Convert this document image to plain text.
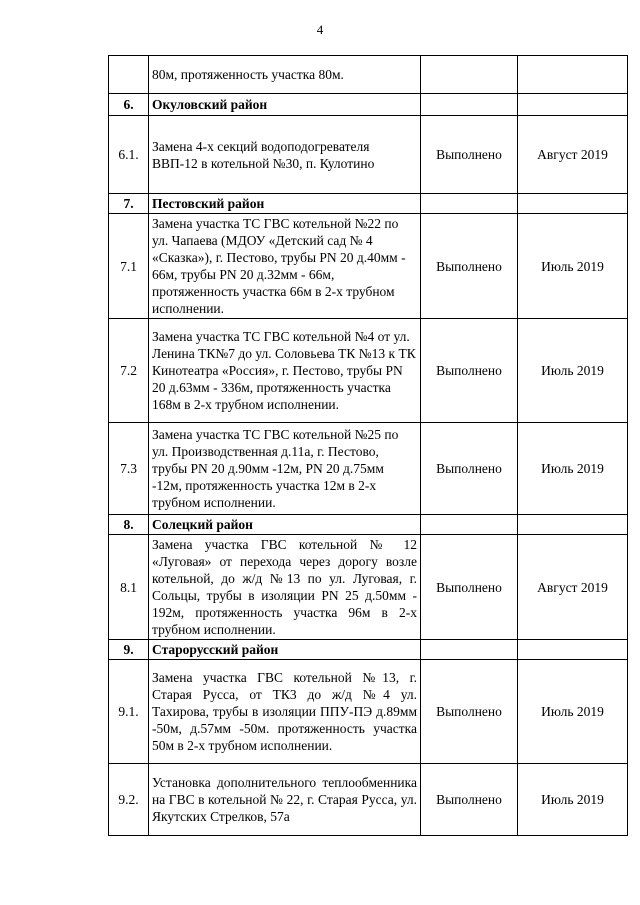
4
	80м, протяженность участка 80м.		
6.	Окуловский район		
6.1.	Замена 4-х секций водоподогревателя ВВП-12 в котельной №30, п. Кулотино	Выполнено	Август 2019
7.	Пестовский район		
7.1	Замена участка ТС ГВС котельной №22 по ул. Чапаева (МДОУ «Детский сад № 4 «Сказка»), г. Пестово, трубы PN 20 д.40мм - 66м, трубы PN 20 д.32мм - 66м, протяженность участка 66м в 2-х трубном исполнении.	Выполнено	Июль 2019
7.2	Замена участка ТС ГВС котельной №4 от ул. Ленина ТК№7 до ул. Соловьева ТК №13 к ТК Кинотеатра «Россия», г. Пестово, трубы PN 20 д.63мм - 336м, протяженность участка 168м в 2-х трубном исполнении.	Выполнено	Июль 2019
7.3	Замена участка ТС ГВС котельной №25 по ул. Производственная д.11а, г. Пестово, трубы PN 20 д.90мм -12м, PN 20 д.75мм -12м, протяженность участка 12м в 2-х трубном исполнении.	Выполнено	Июль 2019
8.	Солецкий район		
8.1	Замена участка ГВС котельной № 12 «Луговая» от перехода через дорогу возле котельной, до ж/д №13 по ул. Луговая, г. Сольцы, трубы в изоляции PN 25 д.50мм - 192м, протяженность участка 96м в 2-х трубном исполнении.	Выполнено	Август 2019
9.	Старорусский район		
9.1.	Замена участка ГВС котельной №13, г. Старая Русса, от ТК3 до ж/д №4 ул. Тахирова, трубы в изоляции ППУ-ПЭ д.89мм -50м, д.57мм -50м. протяженность участка 50м в 2-х трубном исполнении.	Выполнено	Июль 2019
9.2.	Установка дополнительного теплообменника на ГВС в котельной № 22, г. Старая Русса, ул. Якутских Стрелков, 57а	Выполнено	Июль 2019
